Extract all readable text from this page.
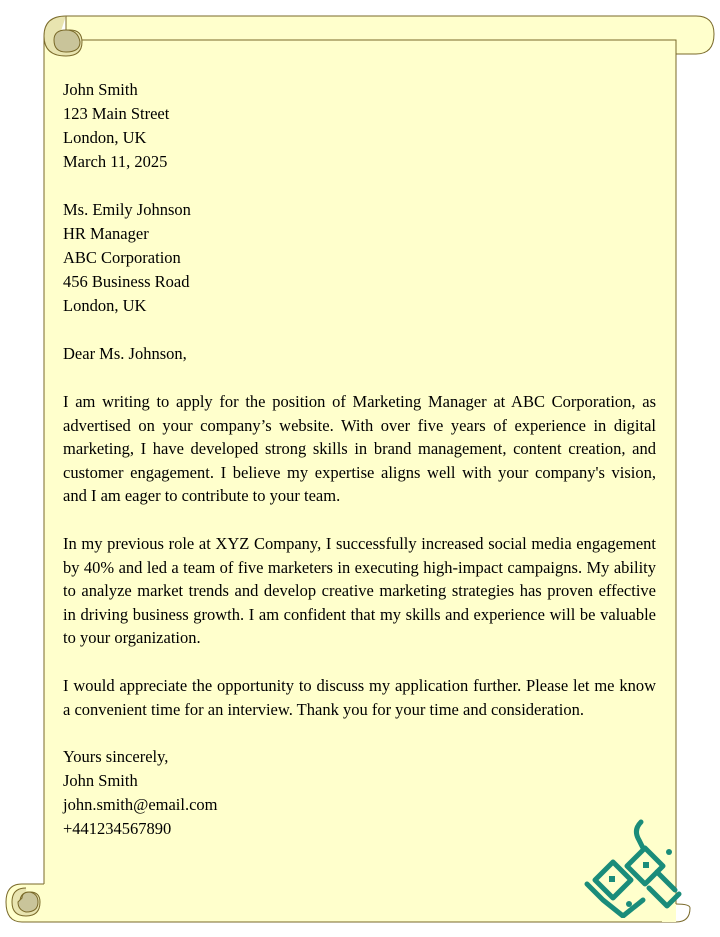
John Smith
123 Main Street
London, UK
March 11, 2025
Ms. Emily Johnson
HR Manager
ABC Corporation
456 Business Road
London, UK
Dear Ms. Johnson,

I am writing to apply for the position of Marketing Manager at ABC Corporation, as advertised on your company’s website. With over five years of experience in digital marketing, I have developed strong skills in brand management, content creation, and customer engagement. I believe my expertise aligns well with your company's vision, and I am eager to contribute to your team.

In my previous role at XYZ Company, I successfully increased social media engagement by 40% and led a team of five marketers in executing high-impact campaigns. My ability to analyze market trends and develop creative marketing strategies has proven effective in driving business growth. I am confident that my skills and experience will be valuable to your organization.

I would appreciate the opportunity to discuss my application further. Please let me know a convenient time for an interview. Thank you for your time and consideration.

Yours sincerely,
John Smith
john.smith@email.com
+441234567890
